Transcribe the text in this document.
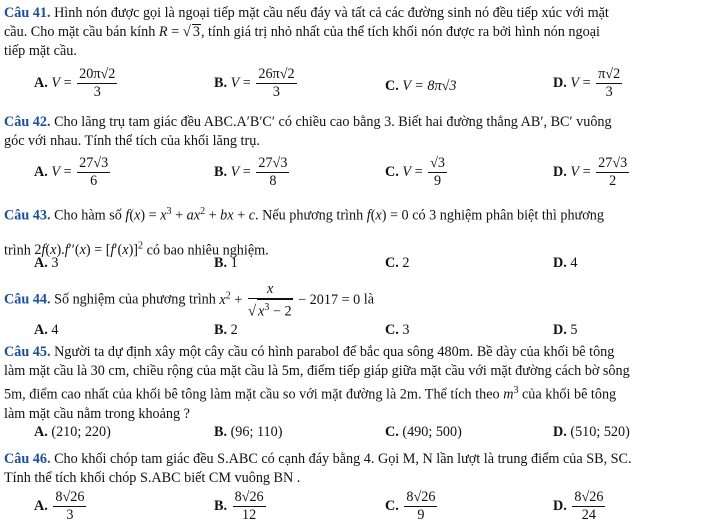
Câu 41. Hình nón được gọi là ngoại tiếp mặt cầu nếu đáy và tất cả các đường sinh nó đều tiếp xúc với mặt
cầu. Cho mặt cầu bán kính R = √ 3, tính giá trị nhỏ nhất của thể tích khối nón được ra bởi hình nón ngoại
tiếp mặt cầu.
A. $V = \frac{20\pi√2}{3}$	B. $V = \frac{26\pi√2}{3}$	C. V = 8π√3	D. $V = \frac{\pi√2}{3}$
Câu 42. Cho lăng trụ tam giác đều ABC.A′B′C′ có chiều cao bằng 3. Biết hai đường thẳng AB′, BC′ vuông
góc với nhau. Tính thể tích của khối lăng trụ.
A. $V = \frac{27√3}{6}$	B. $V = \frac{27√3}{8}$	C. $V = \frac{√3}{9}$	D. $V = \frac{27√3}{2}$
Câu 43. Cho hàm số $f(x) = x^3 + ax^2$ + bx + c. Nếu phương trình f(x) = 0 có 3 nghiệm phân biệt thì phương
trình $2f(x).f''(x) = [f'(x)]^2$ có bao nhiêu nghiệm.
A. 3	B. 1	C. 2	D. 4
Câu 44. Số nghiệm của phương trình $x^2 + \frac{x}{√ x^3 - 2} - 2017 = 0$ là
A. 4	B. 2	C. 3	D. 5
Câu 45. Người ta dự định xây một cây cầu có hình parabol để bắc qua sông 480m. Bề dày của khối bê tông
làm mặt cầu là 30 cm, chiều rộng của mặt cầu là 5m, điểm tiếp giáp giữa mặt cầu với mặt đường cách bờ sông
5m, điểm cao nhất của khối bê tông làm mặt cầu so với mặt đường là 2m. Thể tích theo $m^3$ của khối bê tông
làm mặt cầu nằm trong khoảng ?
A. (210; 220)	B. (96; 110)	C. (490; 500)	D. (510; 520)
Câu 46. Cho khối chóp tam giác đều S.ABC có cạnh đáy bằng 4. Gọi M, N lần lượt là trung điểm của SB, SC.
Tính thể tích khối chóp S.ABC biết CM vuông BN .
A. $\frac{8√26}{3}$	B. $\frac{8√26}{12}$	C. $\frac{8√26}{9}$	D. $\frac{8√26}{24}$
